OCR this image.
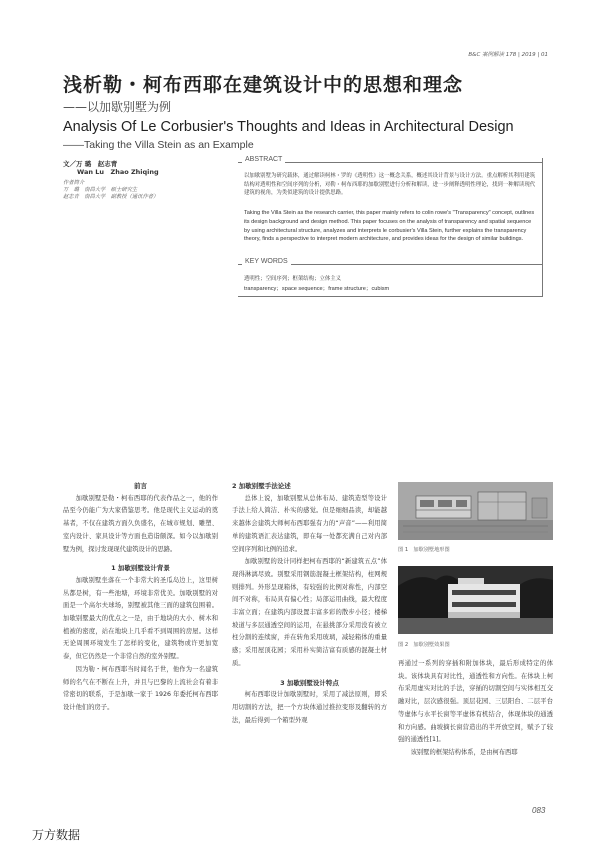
B&C 案例解读 178 | 2019 | 01
浅析勒・柯布西耶在建筑设计中的思想和理念
——以加歇别墅为例
Analysis Of Le Corbusier's Thoughts and Ideas in Architectural Design
——Taking the Villa Stein as an Example
文／万 璐　赵志青
Wan Lu　Zhao Zhiqing
作者简介
万　璐　南昌大学　硕士研究生
赵志青　南昌大学　副教授（通讯作者）
ABSTRACT
以加歇别墅为研究载体，通过解读柯林・罗的《透明性》这一概念关系，概述其设计背景与设计方法。重点解析其利用建筑结构对透明性和空间序列的分析，对勒・柯布西耶的加歇别墅进行分析和解读，进一步阐释透明性理论，找到一种解读现代建筑的视角，为类似建筑的设计提供思路。
Taking the Villa Stein as the research carrier, this paper mainly refers to colin rowe's "Transparency" concept, outlines its design background and design method. This paper focuses on the analysis of transparency and spatial sequence by using architectural structure, analyzes and interprets le corbusier's Villa Stein, further explains the transparency theory, finds a perspective to interpret modern architecture, and provides ideas for the design of similar buildings.
KEY WORDS
透明性；空间序列；框架结构；立体主义
transparency；space sequence；frame structure；cubism
前言

加歇别墅是勒・柯布西耶的代表作品之一，他的作品至今仍能广为大家借鉴思考。他是现代主义运动的奠基者，不仅在建筑方面久负盛名，在城市规划、雕塑、室内设计、家具设计等方面也造诣颇深。如今以加歇别墅为例，探讨发现现代建筑设计的思路。

1 加歇别墅设计背景

加歇别墅坐落在一个非常大的圣瓜岛边上，这里树丛都是树，有一些池塘，环境非常优美。加歇别墅的对面是一个高尔夫球场，别墅被其他三面的建筑包围着。加歇别墅最大的优点之一是，由于地块的大小、树木和植被的密度，站在地块上几乎看不到周围的房屋。这样无论周围环境发生了怎样的变化，建筑物或许更加宽泰，但它仍然是一个非常自然的室外别墅。

因为勒・柯布西耶当时闻名于世，他作为一名建筑师的名气在不断在上升，并且与巴黎的上流社会有着非常密切的联系，于是加歇一家于 1926 年委托柯布西耶设计他们的房子。

2 加歇别墅手法论述

总体上说，加歇别墅从总体布局、建筑造型等设计手法上给人简洁、朴实的感觉。但是细细品读，却能越来越体会建筑大师柯布西耶强有力的“声音”——利用简单的建筑语汇表达建筑，即在每一处都充满自己对内部空间序列和比例的追求。

加歇别墅的设计同样把柯布西耶的“新建筑五点”体现得淋漓尽致。别墅采用钢筋混凝土框架结构，柱网规则排列。外形呈现箱体，有较强的比例对称性，内部空间不对称，布局具有偏心性；局部运用曲线，最大程度丰富立面；在建筑内部设置丰富多彩的散步小径；楼梯坡道与多层通透空间的运用，在悬挑部分采用没有被立柱分割的连续窗，并在转角采用玻璃，减轻箱体的重量感；采用屋顶花园；采用朴实简洁富有质感的混凝土材质。

3 加歇别墅设计特点

柯布西耶设计加歇别墅时，采用了减法原则，即采用切割的方法，把一个方块体通过推拉变形及翻转的方法，最后得到一个箱型外观

图 1　加歇别墅地形图
图 2　加歇别墅效果图

再通过一系列的穿插和附加体块，最后形成特定的体块。该体块具有对比性，通透性和方向性。在体块上柯布采用虚实对比的手法，穿插的切割空间与实体相互交融对比，层次感很强。顶层花园、三层阳台、二层平台等虚体与水平长窗等平虚体有机结合，体现体块的通透和方向感。曲坡摘长窗营造出的半开放空间，赋予了较强的通透性[1]。

该别墅的框架结构体系，是由柯布西耶

083
万方数据
